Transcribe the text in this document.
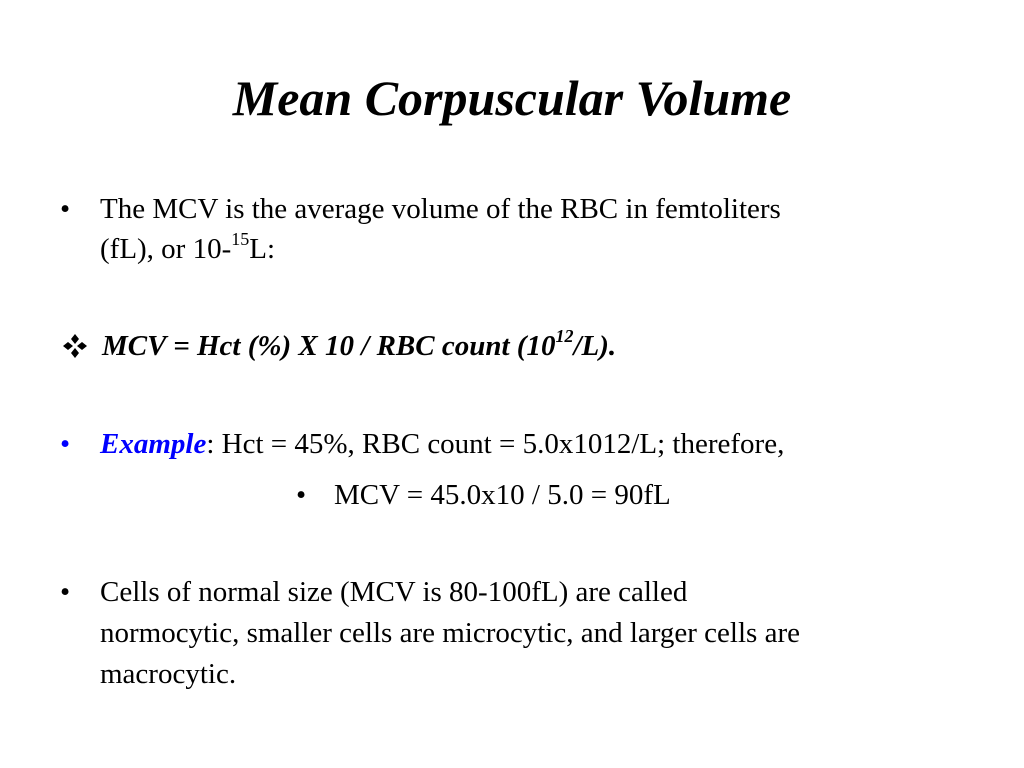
Mean Corpuscular Volume
•	The MCV is the average volume of the RBC in femtoliters
(fL), or 10-$^{15}$L:
MCV = Hct (%) X 10 / RBC count $(10^{12}/L)$.
•	Example: Hct = 45%, RBC count = 5.0x1012/L; therefore,
• MCV = 45.0x10 / 5.0 = 90fL
•	Cells of normal size (MCV is 80-100fL) are called
normocytic, smaller cells are microcytic, and larger cells are
macrocytic.
